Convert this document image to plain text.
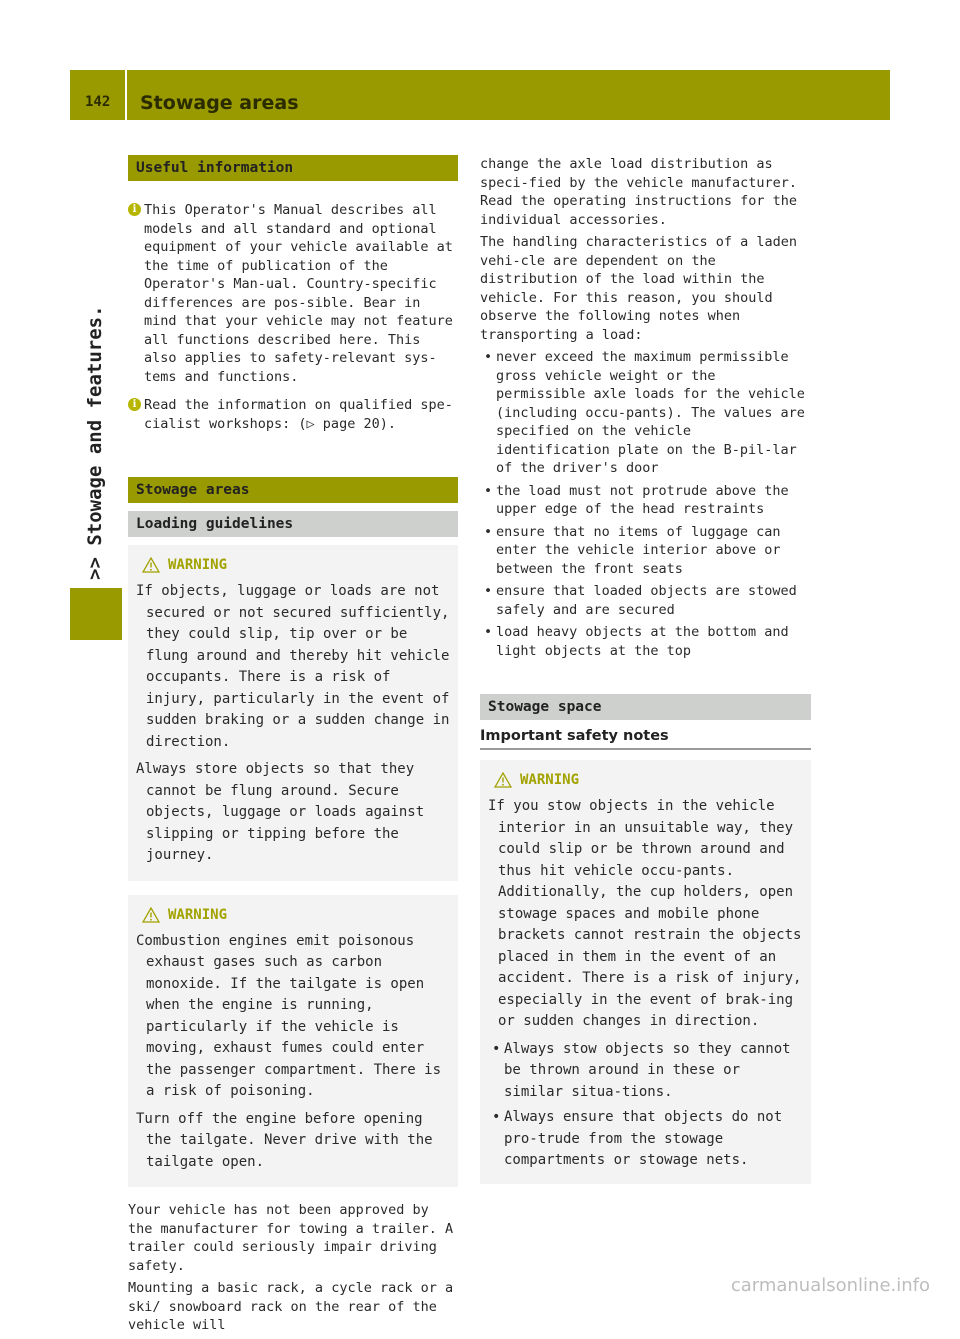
142 Stowage areas
>> Stowage and features.
Useful information
i This Operator's Manual describes all models and all standard and optional equipment of your vehicle available at the time of publication of the Operator's Man-ual. Country-specific differences are pos-sible. Bear in mind that your vehicle may not feature all functions described here. This also applies to safety-relevant sys-tems and functions.
i Read the information on qualified spe-cialist workshops: (▷ page 20).
Stowage areas
Loading guidelines
WARNING

If objects, luggage or loads are not secured or not secured sufficiently, they could slip, tip over or be flung around and thereby hit vehicle occupants. There is a risk of injury, particularly in the event of sudden braking or a sudden change in direction.

Always store objects so that they cannot be flung around. Secure objects, luggage or loads against slipping or tipping before the journey.

WARNING

Combustion engines emit poisonous exhaust gases such as carbon monoxide. If the tailgate is open when the engine is running, particularly if the vehicle is moving, exhaust fumes could enter the passenger compartment. There is a risk of poisoning.

Turn off the engine before opening the tailgate. Never drive with the tailgate open.

Your vehicle has not been approved by the manufacturer for towing a trailer. A trailer could seriously impair driving safety.

Mounting a basic rack, a cycle rack or a ski/ snowboard rack on the rear of the vehicle will

change the axle load distribution as speci-fied by the vehicle manufacturer. Read the operating instructions for the individual accessories.

The handling characteristics of a laden vehi-cle are dependent on the distribution of the load within the vehicle. For this reason, you should observe the following notes when transporting a load:

• never exceed the maximum permissible gross vehicle weight or the permissible axle loads for the vehicle (including occu-pants). The values are specified on the vehicle identification plate on the B-pil-lar of the driver's door
• the load must not protrude above the upper edge of the head restraints
• ensure that no items of luggage can enter the vehicle interior above or between the front seats
• ensure that loaded objects are stowed safely and are secured
• load heavy objects at the bottom and light objects at the top
Stowage space
Important safety notes
WARNING

If you stow objects in the vehicle interior in an unsuitable way, they could slip or be thrown around and thus hit vehicle occu-pants. Additionally, the cup holders, open stowage spaces and mobile phone brackets cannot restrain the objects placed in them in the event of an accident. There is a risk of injury, especially in the event of brak-ing or sudden changes in direction.

• Always stow objects so they cannot be thrown around in these or similar situa-tions.
• Always ensure that objects do not pro-trude from the stowage compartments or stowage nets.
carmanualsonline.info
